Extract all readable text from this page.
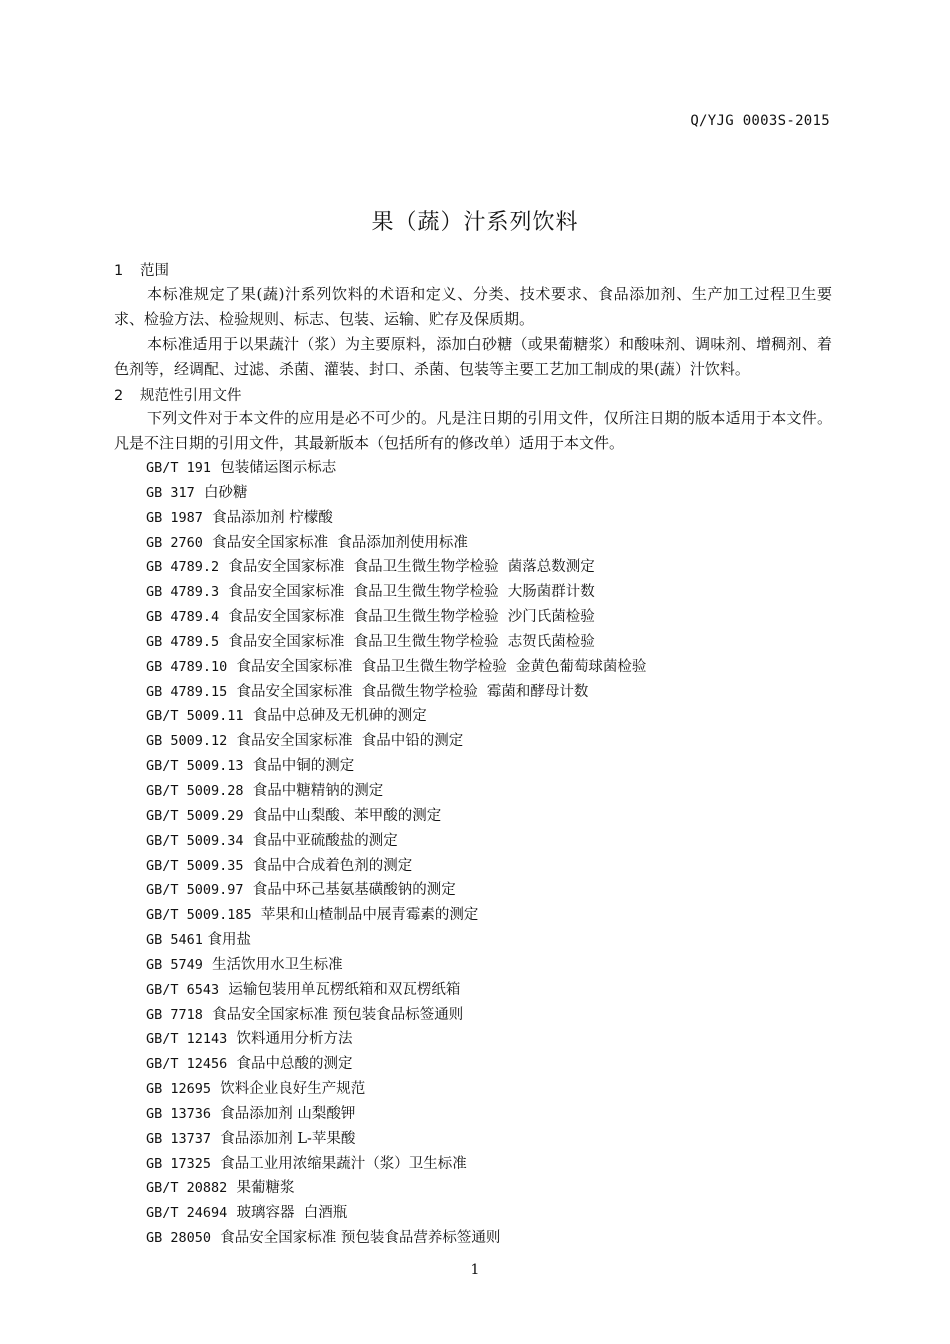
Q/YJG 0003S-2015
果（蔬）汁系列饮料
1 范围

本标准规定了果(蔬)汁系列饮料的术语和定义、分类、技术要求、食品添加剂、生产加工过程卫生要求、检验方法、检验规则、标志、包装、运输、贮存及保质期。

本标准适用于以果蔬汁（浆）为主要原料，添加白砂糖（或果葡糖浆）和酸味剂、调味剂、增稠剂、着色剂等，经调配、过滤、杀菌、灌装、封口、杀菌、包装等主要工艺加工制成的果(蔬）汁饮料。

2 规范性引用文件

下列文件对于本文件的应用是必不可少的。凡是注日期的引用文件，仅所注日期的版本适用于本文件。凡是不注日期的引用文件，其最新版本（包括所有的修改单）适用于本文件。

GB/T 191 包装储运图示标志
GB 317 白砂糖
GB 1987 食品添加剂 柠檬酸
GB 2760 食品安全国家标准  食品添加剂使用标准
GB 4789.2 食品安全国家标准  食品卫生微生物学检验  菌落总数测定
GB 4789.3 食品安全国家标准  食品卫生微生物学检验  大肠菌群计数
GB 4789.4 食品安全国家标准  食品卫生微生物学检验  沙门氏菌检验
GB 4789.5 食品安全国家标准  食品卫生微生物学检验  志贺氏菌检验
GB 4789.10 食品安全国家标准  食品卫生微生物学检验  金黄色葡萄球菌检验
GB 4789.15 食品安全国家标准  食品微生物学检验  霉菌和酵母计数
GB/T 5009.11 食品中总砷及无机砷的测定
GB 5009.12 食品安全国家标准  食品中铅的测定
GB/T 5009.13 食品中铜的测定
GB/T 5009.28 食品中糖精钠的测定
GB/T 5009.29 食品中山梨酸、苯甲酸的测定
GB/T 5009.34 食品中亚硫酸盐的测定
GB/T 5009.35 食品中合成着色剂的测定
GB/T 5009.97 食品中环己基氨基磺酸钠的测定
GB/T 5009.185 苹果和山楂制品中展青霉素的测定
GB 5461 食用盐
GB 5749 生活饮用水卫生标准
GB/T 6543 运输包装用单瓦楞纸箱和双瓦楞纸箱
GB 7718 食品安全国家标准 预包装食品标签通则
GB/T 12143 饮料通用分析方法
GB/T 12456 食品中总酸的测定
GB 12695 饮料企业良好生产规范
GB 13736 食品添加剂 山梨酸钾
GB 13737 食品添加剂 L-苹果酸
GB 17325 食品工业用浓缩果蔬汁（浆）卫生标准
GB/T 20882 果葡糖浆
GB/T 24694 玻璃容器  白酒瓶
GB 28050 食品安全国家标准 预包装食品营养标签通则
1
